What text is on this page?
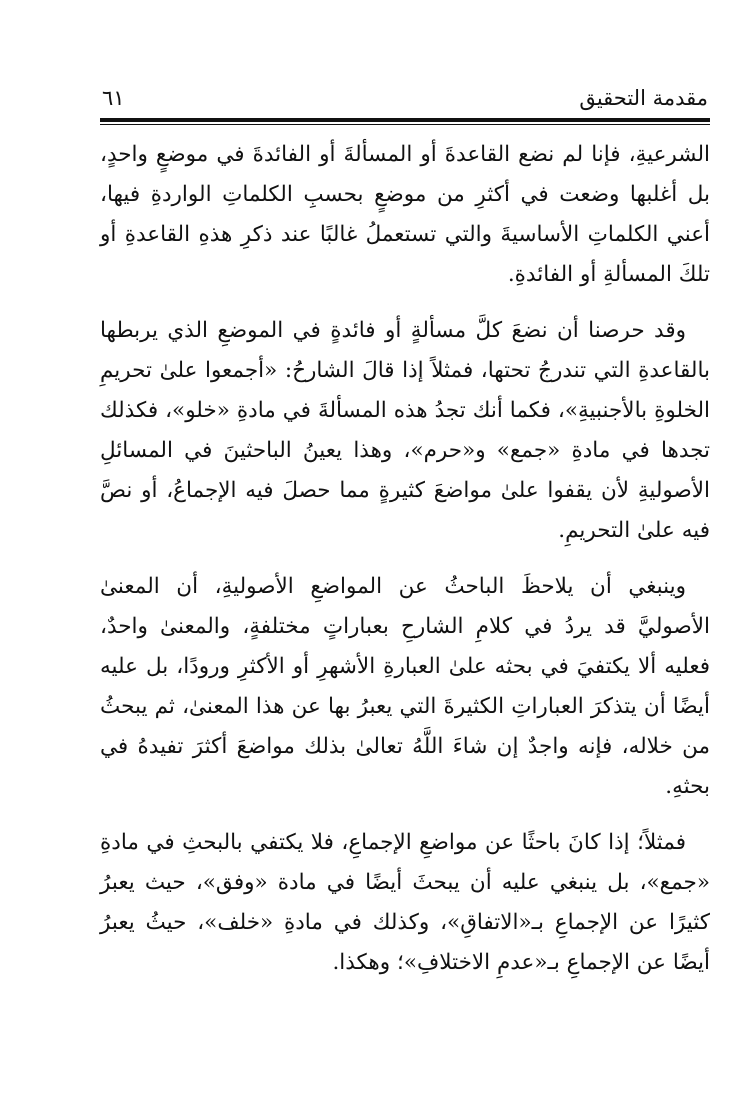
مقدمة التحقيق
٦١

الشرعيةِ، فإنا لم نضع القاعدةَ أو المسألةَ أو الفائدةَ في موضعٍ واحدٍ، بل أغلبها وضعت في أكثرِ من موضعٍ بحسبِ الكلماتِ الواردةِ فيها، أعني الكلماتِ الأساسيةَ والتي تستعملُ غالبًا عند ذكرِ هذهِ القاعدةِ أو تلكَ المسألةِ أو الفائدةِ.

وقد حرصنا أن نضعَ كلَّ مسألةٍ أو فائدةٍ في الموضعِ الذي يربطها بالقاعدةِ التي تندرجُ تحتها، فمثلاً إذا قالَ الشارحُ: «أجمعوا علىٰ تحريمِ الخلوةِ بالأجنبيةِ»، فكما أنك تجدُ هذه المسألةَ في مادةِ «خلو»، فكذلك تجدها في مادةِ «جمع» و«حرم»، وهذا يعينُ الباحثينَ في المسائلِ الأصوليةِ لأن يقفوا علىٰ مواضعَ كثيرةٍ مما حصلَ فيه الإجماعُ، أو نصَّ فيه علىٰ التحريمِ.

وينبغي أن يلاحظَ الباحثُ عن المواضعِ الأصوليةِ، أن المعنىٰ الأصوليَّ قد يردُ في كلامِ الشارحِ بعباراتٍ مختلفةٍ، والمعنىٰ واحدٌ، فعليه ألا يكتفيَ في بحثه علىٰ العبارةِ الأشهرِ أو الأكثرِ ورودًا، بل عليه أيضًا أن يتذكرَ العباراتِ الكثيرةَ التي يعبرُ بها عن هذا المعنىٰ، ثم يبحثُ من خلاله، فإنه واجدٌ إن شاءَ اللَّهُ تعالىٰ بذلك مواضعَ أكثرَ تفيدهُ في بحثهِ.

فمثلاً؛ إذا كانَ باحثًا عن مواضعِ الإجماعِ، فلا يكتفي بالبحثِ في مادةِ «جمع»، بل ينبغي عليه أن يبحثَ أيضًا في مادة «وفق»، حيث يعبرُ كثيرًا عن الإجماعِ بـ«الاتفاقِ»، وكذلك في مادةِ «خلف»، حيثُ يعبرُ أيضًا عن الإجماعِ بـ«عدمِ الاختلافِ»؛ وهكذا.
